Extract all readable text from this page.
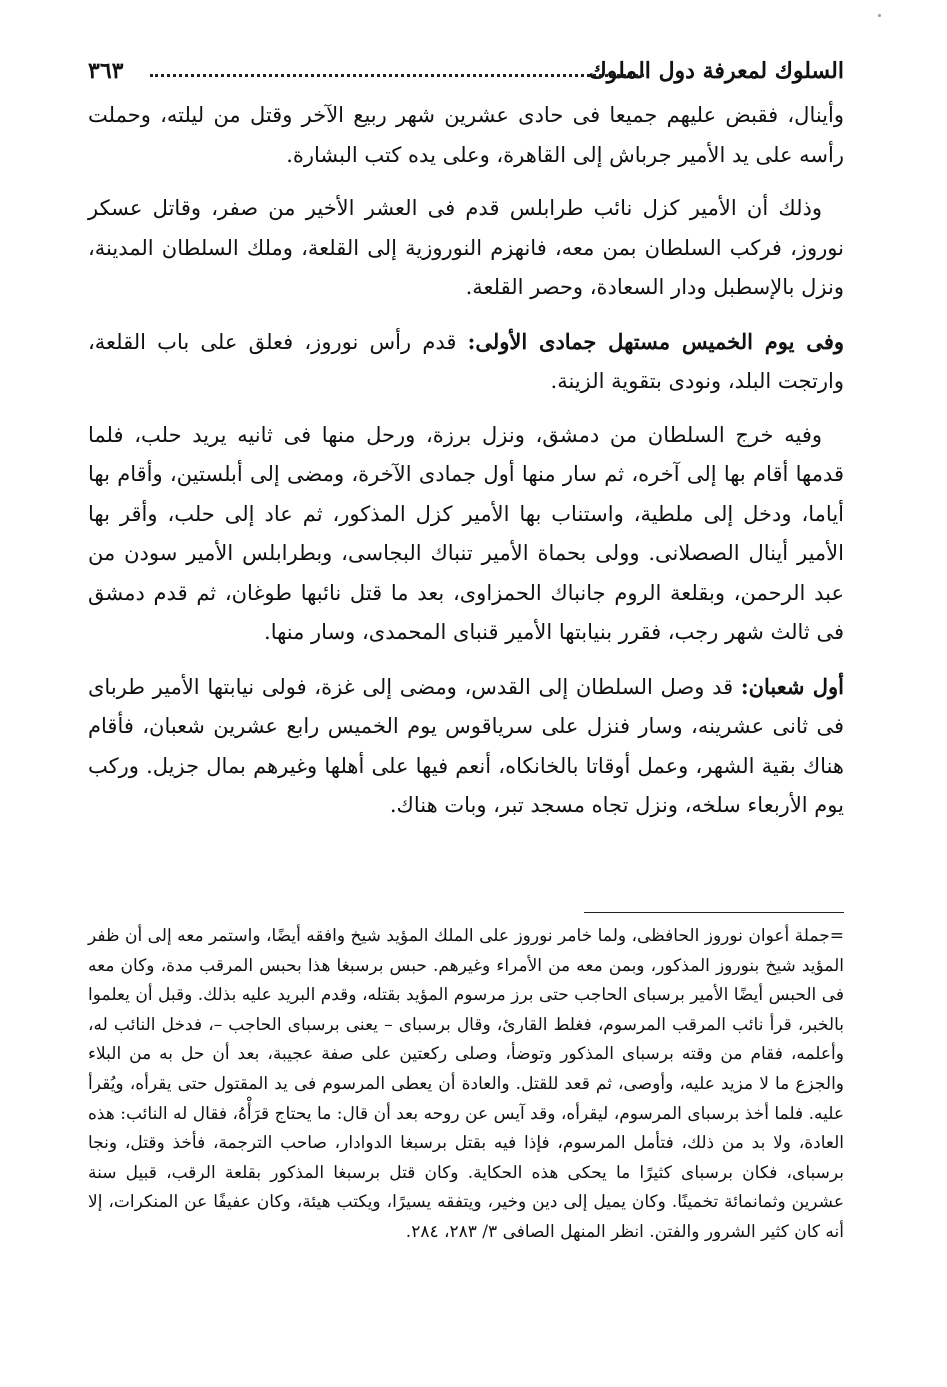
السلوك لمعرفة دول الملوك
٣٦٣

وأينال، فقبض عليهم جميعا فى حادى عشرين شهر ربيع الآخر وقتل من ليلته، وحملت رأسه على يد الأمير جرباش إلى القاهرة، وعلى يده كتب البشارة.

وذلك أن الأمير كزل نائب طرابلس قدم فى العشر الأخير من صفر، وقاتل عسكر نوروز، فركب السلطان بمن معه، فانهزم النوروزية إلى القلعة، وملك السلطان المدينة، ونزل بالإسطبل ودار السعادة، وحصر القلعة.

وفى يوم الخميس مستهل جمادى الأولى: قدم رأس نوروز، فعلق على باب القلعة، وارتجت البلد، ونودى بتقوية الزينة.

وفيه خرج السلطان من دمشق، ونزل برزة، ورحل منها فى ثانيه يريد حلب، فلما قدمها أقام بها إلى آخره، ثم سار منها أول جمادى الآخرة، ومضى إلى أبلستين، وأقام بها أياما، ودخل إلى ملطية، واستناب بها الأمير كزل المذكور، ثم عاد إلى حلب، وأقر بها الأمير أينال الصصلانى. وولى بحماة الأمير تنباك البجاسى، وبطرابلس الأمير سودن من عبد الرحمن، وبقلعة الروم جانباك الحمزاوى، بعد ما قتل نائبها طوغان، ثم قدم دمشق فى ثالث شهر رجب، فقرر بنيابتها الأمير قنباى المحمدى، وسار منها.

أول شعبان: قد وصل السلطان إلى القدس، ومضى إلى غزة، فولى نيابتها الأمير طرباى فى ثانى عشرينه، وسار فنزل على سرياقوس يوم الخميس رابع عشرين شعبان، فأقام هناك بقية الشهر، وعمل أوقاتا بالخانكاه، أنعم فيها على أهلها وغيرهم بمال جزيل. وركب يوم الأربعاء سلخه، ونزل تجاه مسجد تبر، وبات هناك.

=جملة أعوان نوروز الحافظى، ولما خامر نوروز على الملك المؤيد شيخ وافقه أيضًا، واستمر معه إلى أن ظفر المؤيد شيخ بنوروز المذكور، وبمن معه من الأمراء وغيرهم. حبس برسبغا هذا بحبس المرقب مدة، وكان معه فى الحبس أيضًا الأمير برسباى الحاجب حتى برز مرسوم المؤيد بقتله، وقدم البريد عليه بذلك. وقبل أن يعلموا بالخبر، قرأ نائب المرقب المرسوم، فغلط القارئ، وقال برسباى – يعنى برسباى الحاجب –، فدخل النائب له، وأعلمه، فقام من وقته برسباى المذكور وتوضأ، وصلى ركعتين على صفة عجيبة، بعد أن حل به من البلاء والجزع ما لا مزيد عليه، وأوصى، ثم قعد للقتل. والعادة أن يعطى المرسوم فى يد المقتول حتى يقرأه، ويُقرأ عليه. فلما أخذ برسباى المرسوم، ليقرأه، وقد آيس عن روحه بعد أن قال: ما يحتاج قرَأْهُ، فقال له النائب: هذه العادة، ولا بد من ذلك، فتأمل المرسوم، فإذا فيه بقتل برسبغا الدوادار، صاحب الترجمة، فأخذ وقتل، ونجا برسباى، فكان برسباى كثيرًا ما يحكى هذه الحكاية. وكان قتل برسبغا المذكور بقلعة الرقب، قبيل سنة عشرين وثمانمائة تخمينًا. وكان يميل إلى دين وخير، ويتفقه يسيرًا، ويكتب هيئة، وكان عفيفًا عن المنكرات، إلا أنه كان كثير الشرور والفتن. انظر المنهل الصافى ٣/ ٢٨٣، ٢٨٤.
